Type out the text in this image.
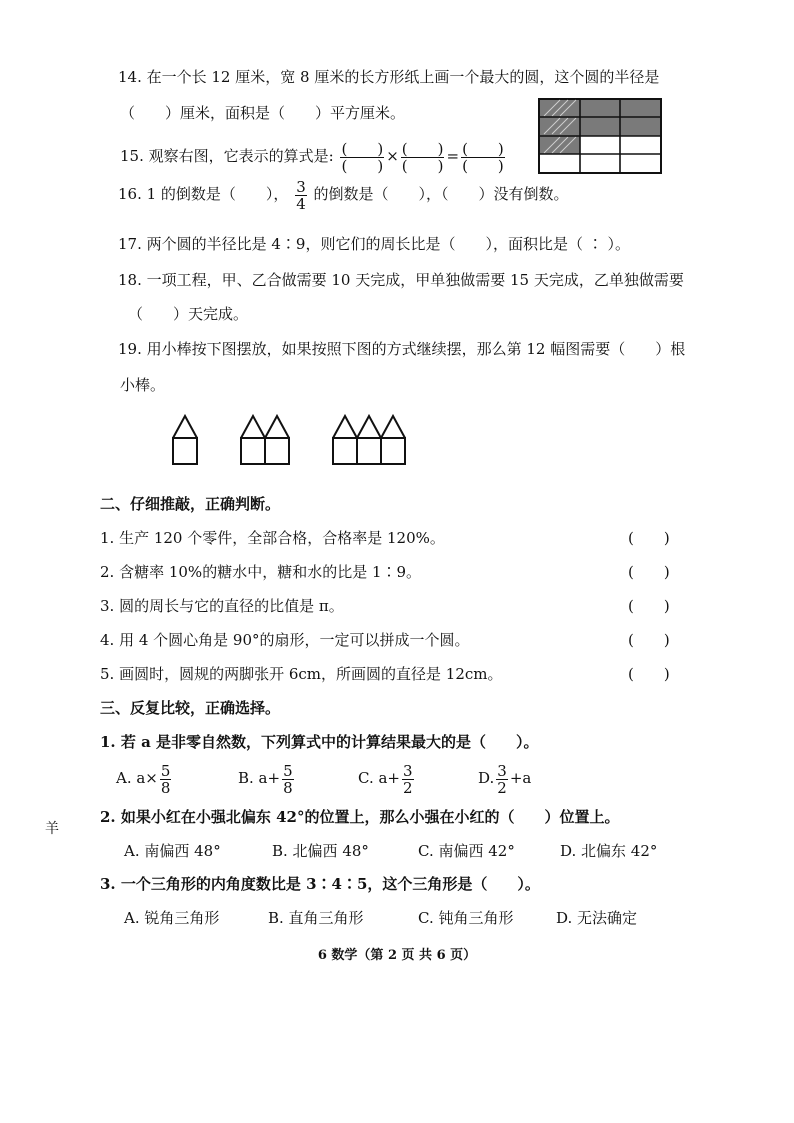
14. 在一个长 12 厘米，宽 8 厘米的长方形纸上画一个最大的圆，这个圆的半径是
（　　）厘米，面积是（　　）平方厘米。
15. 观察右图，它表示的算式是: $\frac{( )}{( )} \times \frac{( )}{( )} = \frac{( )}{( )}$
16. 1 的倒数是（　　）， $\frac{3}{4}$ 的倒数是（　　），（　　）没有倒数。
17. 两个圆的半径比是 4∶9，则它们的周长比是（　　），面积比是（ ∶ ）。
18. 一项工程，甲、乙合做需要 10 天完成，甲单独做需要 15 天完成，乙单独做需要
（　　）天完成。
19. 用小棒按下图摆放，如果按照下图的方式继续摆，那么第 12 幅图需要（　　）根
小棒。
二、仔细推敲，正确判断。
1. 生产 120 个零件，全部合格，合格率是 120%。	(　　)
2. 含糖率 10%的糖水中，糖和水的比是 1∶9。	(　　)
3. 圆的周长与它的直径的比值是 π。	(　　)
4. 用 4 个圆心角是 90°的扇形，一定可以拼成一个圆。	(　　)
5. 画圆时，圆规的两脚张开 6cm，所画圆的直径是 12cm。	(　　)
三、反复比较，正确选择。
1. 若 a 是非零自然数，下列算式中的计算结果最大的是（　　）。
A. $a\times \frac{5}{8}$	B. $a+ \frac{5}{8}$	C. $a+ \frac{3}{2}$	D. $\frac{3}{2} +a$
羊
2. 如果小红在小强北偏东 42°的位置上，那么小强在小红的（　　）位置上。
A. 南偏西 48°	B. 北偏西 48°	C. 南偏西 42°	D. 北偏东 42°
3. 一个三角形的内角度数比是 3∶4∶5，这个三角形是（　　）。
A. 锐角三角形	B. 直角三角形	C. 钝角三角形	D. 无法确定
6 数学（第 2 页 共 6 页）
